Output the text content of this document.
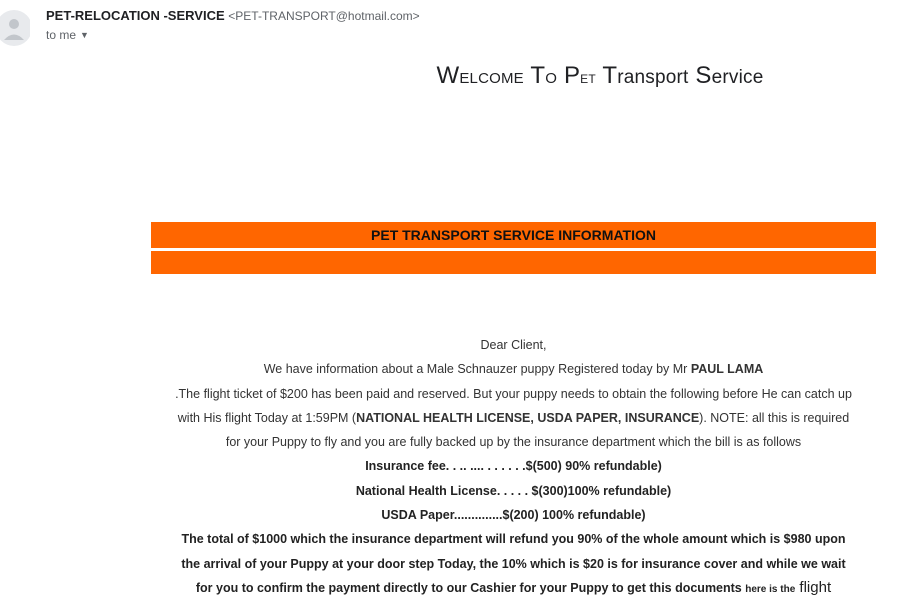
PET-RELOCATION -SERVICE <PET-TRANSPORT@hotmail.com>
to me ▼
WELCOME TO PET Transport Service
PET TRANSPORT SERVICE INFORMATION

Dear Client,

We have information about a Male Schnauzer puppy Registered today by Mr PAUL LAMA

.The flight ticket of $200 has been paid and reserved. But your puppy needs to obtain the following before He can catch up

with His flight Today at 1:59PM (NATIONAL HEALTH LICENSE, USDA PAPER, INSURANCE). NOTE: all this is required

for your Puppy to fly and you are fully backed up by the insurance department which the bill is as follows

Insurance fee. . .. .... . . . . . .$(500) 90% refundable)

National Health License. . . . . $(300)100% refundable)

USDA Paper..............$(200) 100% refundable)

The total of $1000 which the insurance department will refund you 90% of the whole amount which is $980 upon

the arrival of your Puppy at your door step Today, the 10% which is $20 is for insurance cover and while we wait

for you to confirm the payment directly to our Cashier for your Puppy to get this documents here is the flight
